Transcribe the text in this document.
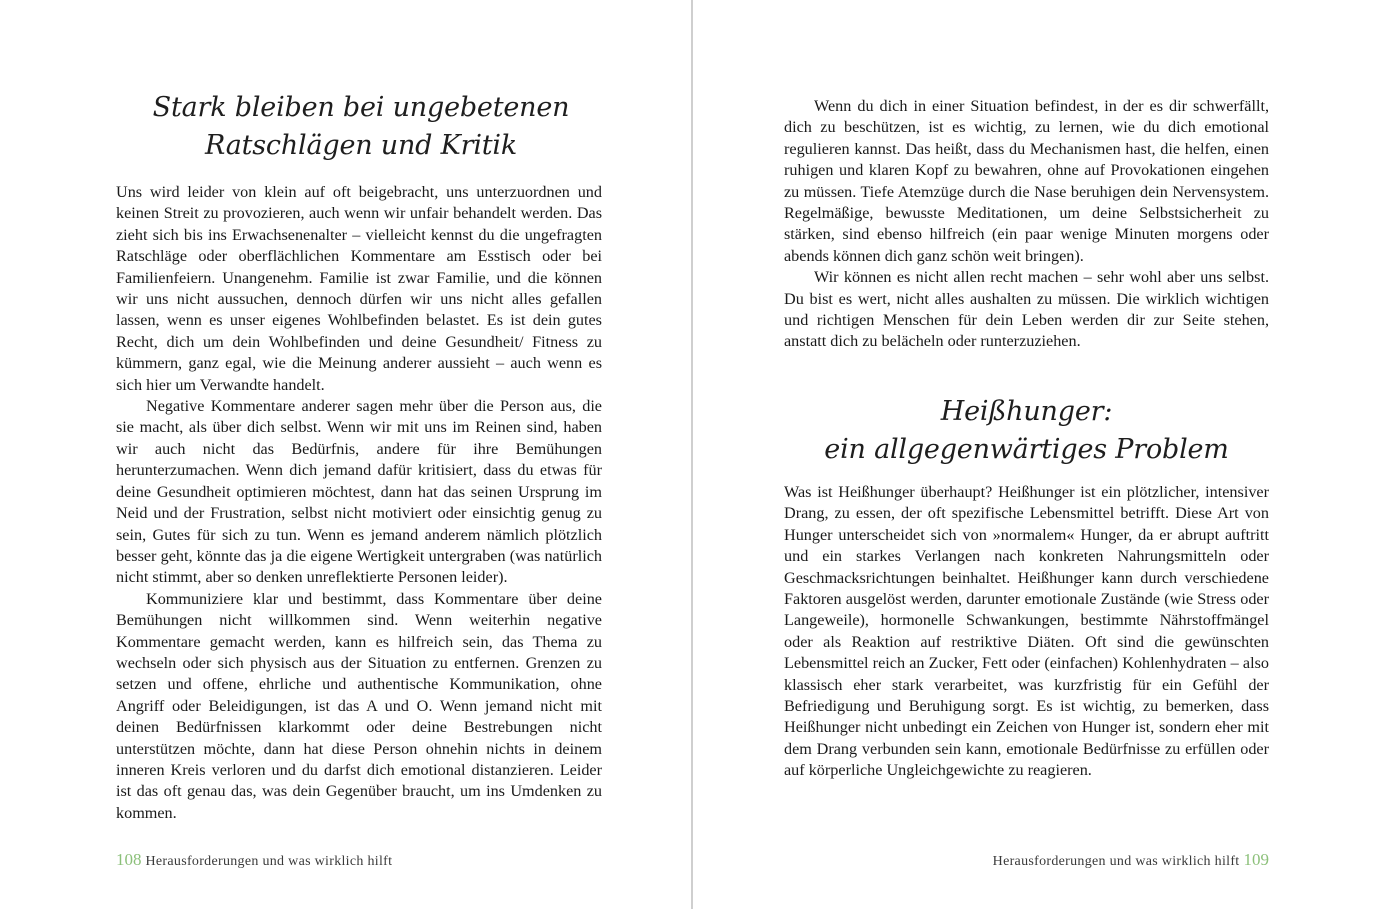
Stark bleiben bei ungebetenen
Ratschlägen und Kritik

Uns wird leider von klein auf oft beigebracht, uns unterzuordnen und keinen Streit zu provozieren, auch wenn wir unfair behandelt werden. Das zieht sich bis ins Erwachsenenalter – vielleicht kennst du die ungefragten Ratschläge oder oberflächlichen Kommentare am Esstisch oder bei Familienfeiern. Unangenehm. Familie ist zwar Familie, und die können wir uns nicht aussuchen, dennoch dürfen wir uns nicht alles gefallen lassen, wenn es unser eigenes Wohlbefinden belastet. Es ist dein gutes Recht, dich um dein Wohlbefinden und deine Gesundheit/ Fitness zu kümmern, ganz egal, wie die Meinung anderer aussieht – auch wenn es sich hier um Verwandte handelt.

Negative Kommentare anderer sagen mehr über die Person aus, die sie macht, als über dich selbst. Wenn wir mit uns im Reinen sind, haben wir auch nicht das Bedürfnis, andere für ihre Bemühungen herunterzumachen. Wenn dich jemand dafür kritisiert, dass du etwas für deine Gesundheit optimieren möchtest, dann hat das seinen Ursprung im Neid und der Frustration, selbst nicht motiviert oder einsichtig genug zu sein, Gutes für sich zu tun. Wenn es jemand anderem nämlich plötzlich besser geht, könnte das ja die eigene Wertigkeit untergraben (was natürlich nicht stimmt, aber so denken unreflektierte Personen leider).

Kommuniziere klar und bestimmt, dass Kommentare über deine Bemühungen nicht willkommen sind. Wenn weiterhin negative Kommentare gemacht werden, kann es hilfreich sein, das Thema zu wechseln oder sich physisch aus der Situation zu entfernen. Grenzen zu setzen und offene, ehrliche und authentische Kommunikation, ohne Angriff oder Beleidigungen, ist das A und O. Wenn jemand nicht mit deinen Bedürfnissen klarkommt oder deine Bestrebungen nicht unterstützen möchte, dann hat diese Person ohnehin nichts in deinem inneren Kreis verloren und du darfst dich emotional distanzieren. Leider ist das oft genau das, was dein Gegenüber braucht, um ins Umdenken zu kommen.

108 Herausforderungen und was wirklich hilft

Wenn du dich in einer Situation befindest, in der es dir schwerfällt, dich zu beschützen, ist es wichtig, zu lernen, wie du dich emotional regulieren kannst. Das heißt, dass du Mechanismen hast, die helfen, einen ruhigen und klaren Kopf zu bewahren, ohne auf Provokationen eingehen zu müssen. Tiefe Atemzüge durch die Nase beruhigen dein Nervensystem. Regelmäßige, bewusste Meditationen, um deine Selbstsicherheit zu stärken, sind ebenso hilfreich (ein paar wenige Minuten morgens oder abends können dich ganz schön weit bringen).

Wir können es nicht allen recht machen – sehr wohl aber uns selbst. Du bist es wert, nicht alles aushalten zu müssen. Die wirklich wichtigen und richtigen Menschen für dein Leben werden dir zur Seite stehen, anstatt dich zu belächeln oder runterzuziehen.

Heißhunger:
ein allgegenwärtiges Problem

Was ist Heißhunger überhaupt? Heißhunger ist ein plötzlicher, intensiver Drang, zu essen, der oft spezifische Lebensmittel betrifft. Diese Art von Hunger unterscheidet sich von »normalem« Hunger, da er abrupt auftritt und ein starkes Verlangen nach konkreten Nahrungsmitteln oder Geschmacksrichtungen beinhaltet. Heißhunger kann durch verschiedene Faktoren ausgelöst werden, darunter emotionale Zustände (wie Stress oder Langeweile), hormonelle Schwankungen, bestimmte Nährstoffmängel oder als Reaktion auf restriktive Diäten. Oft sind die gewünschten Lebensmittel reich an Zucker, Fett oder (einfachen) Kohlenhydraten – also klassisch eher stark verarbeitet, was kurzfristig für ein Gefühl der Befriedigung und Beruhigung sorgt. Es ist wichtig, zu bemerken, dass Heißhunger nicht unbedingt ein Zeichen von Hunger ist, sondern eher mit dem Drang verbunden sein kann, emotionale Bedürfnisse zu erfüllen oder auf körperliche Ungleichgewichte zu reagieren.

Herausforderungen und was wirklich hilft 109
